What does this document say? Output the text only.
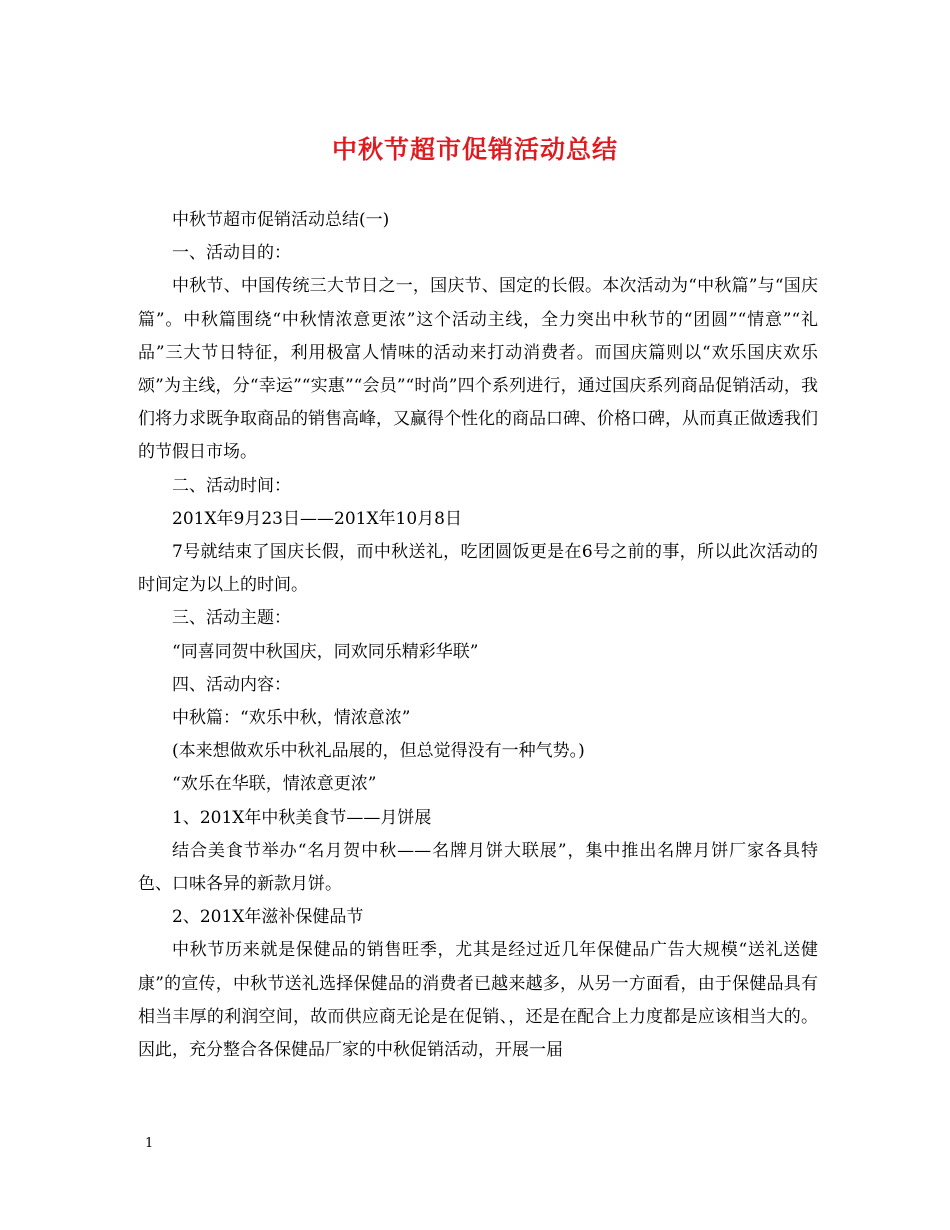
中秋节超市促销活动总结

中秋节超市促销活动总结(一)

一、活动目的：

中秋节、中国传统三大节日之一，国庆节、国定的长假。本次活动为“中秋篇”与“国庆篇”。中秋篇围绕“中秋情浓意更浓”这个活动主线，全力突出中秋节的“团圆”“情意”“礼品”三大节日特征，利用极富人情味的活动来打动消费者。而国庆篇则以“欢乐国庆欢乐颂”为主线，分“幸运”“实惠”“会员”“时尚”四个系列进行，通过国庆系列商品促销活动，我们将力求既争取商品的销售高峰，又赢得个性化的商品口碑、价格口碑，从而真正做透我们的节假日市场。

二、活动时间：

201X年9月23日——201X年10月8日

7号就结束了国庆长假，而中秋送礼，吃团圆饭更是在6号之前的事，所以此次活动的时间定为以上的时间。

三、活动主题：

“同喜同贺中秋国庆，同欢同乐精彩华联”

四、活动内容：

中秋篇：“欢乐中秋，情浓意浓”

(本来想做欢乐中秋礼品展的，但总觉得没有一种气势。)

“欢乐在华联，情浓意更浓”

1、201X年中秋美食节——月饼展

结合美食节举办“名月贺中秋——名牌月饼大联展”，集中推出名牌月饼厂家各具特色、口味各异的新款月饼。

2、201X年滋补保健品节

中秋节历来就是保健品的销售旺季，尤其是经过近几年保健品广告大规模“送礼送健康”的宣传，中秋节送礼选择保健品的消费者已越来越多，从另一方面看，由于保健品具有相当丰厚的利润空间，故而供应商无论是在促销、，还是在配合上力度都是应该相当大的。因此，充分整合各保健品厂家的中秋促销活动，开展一届

1
